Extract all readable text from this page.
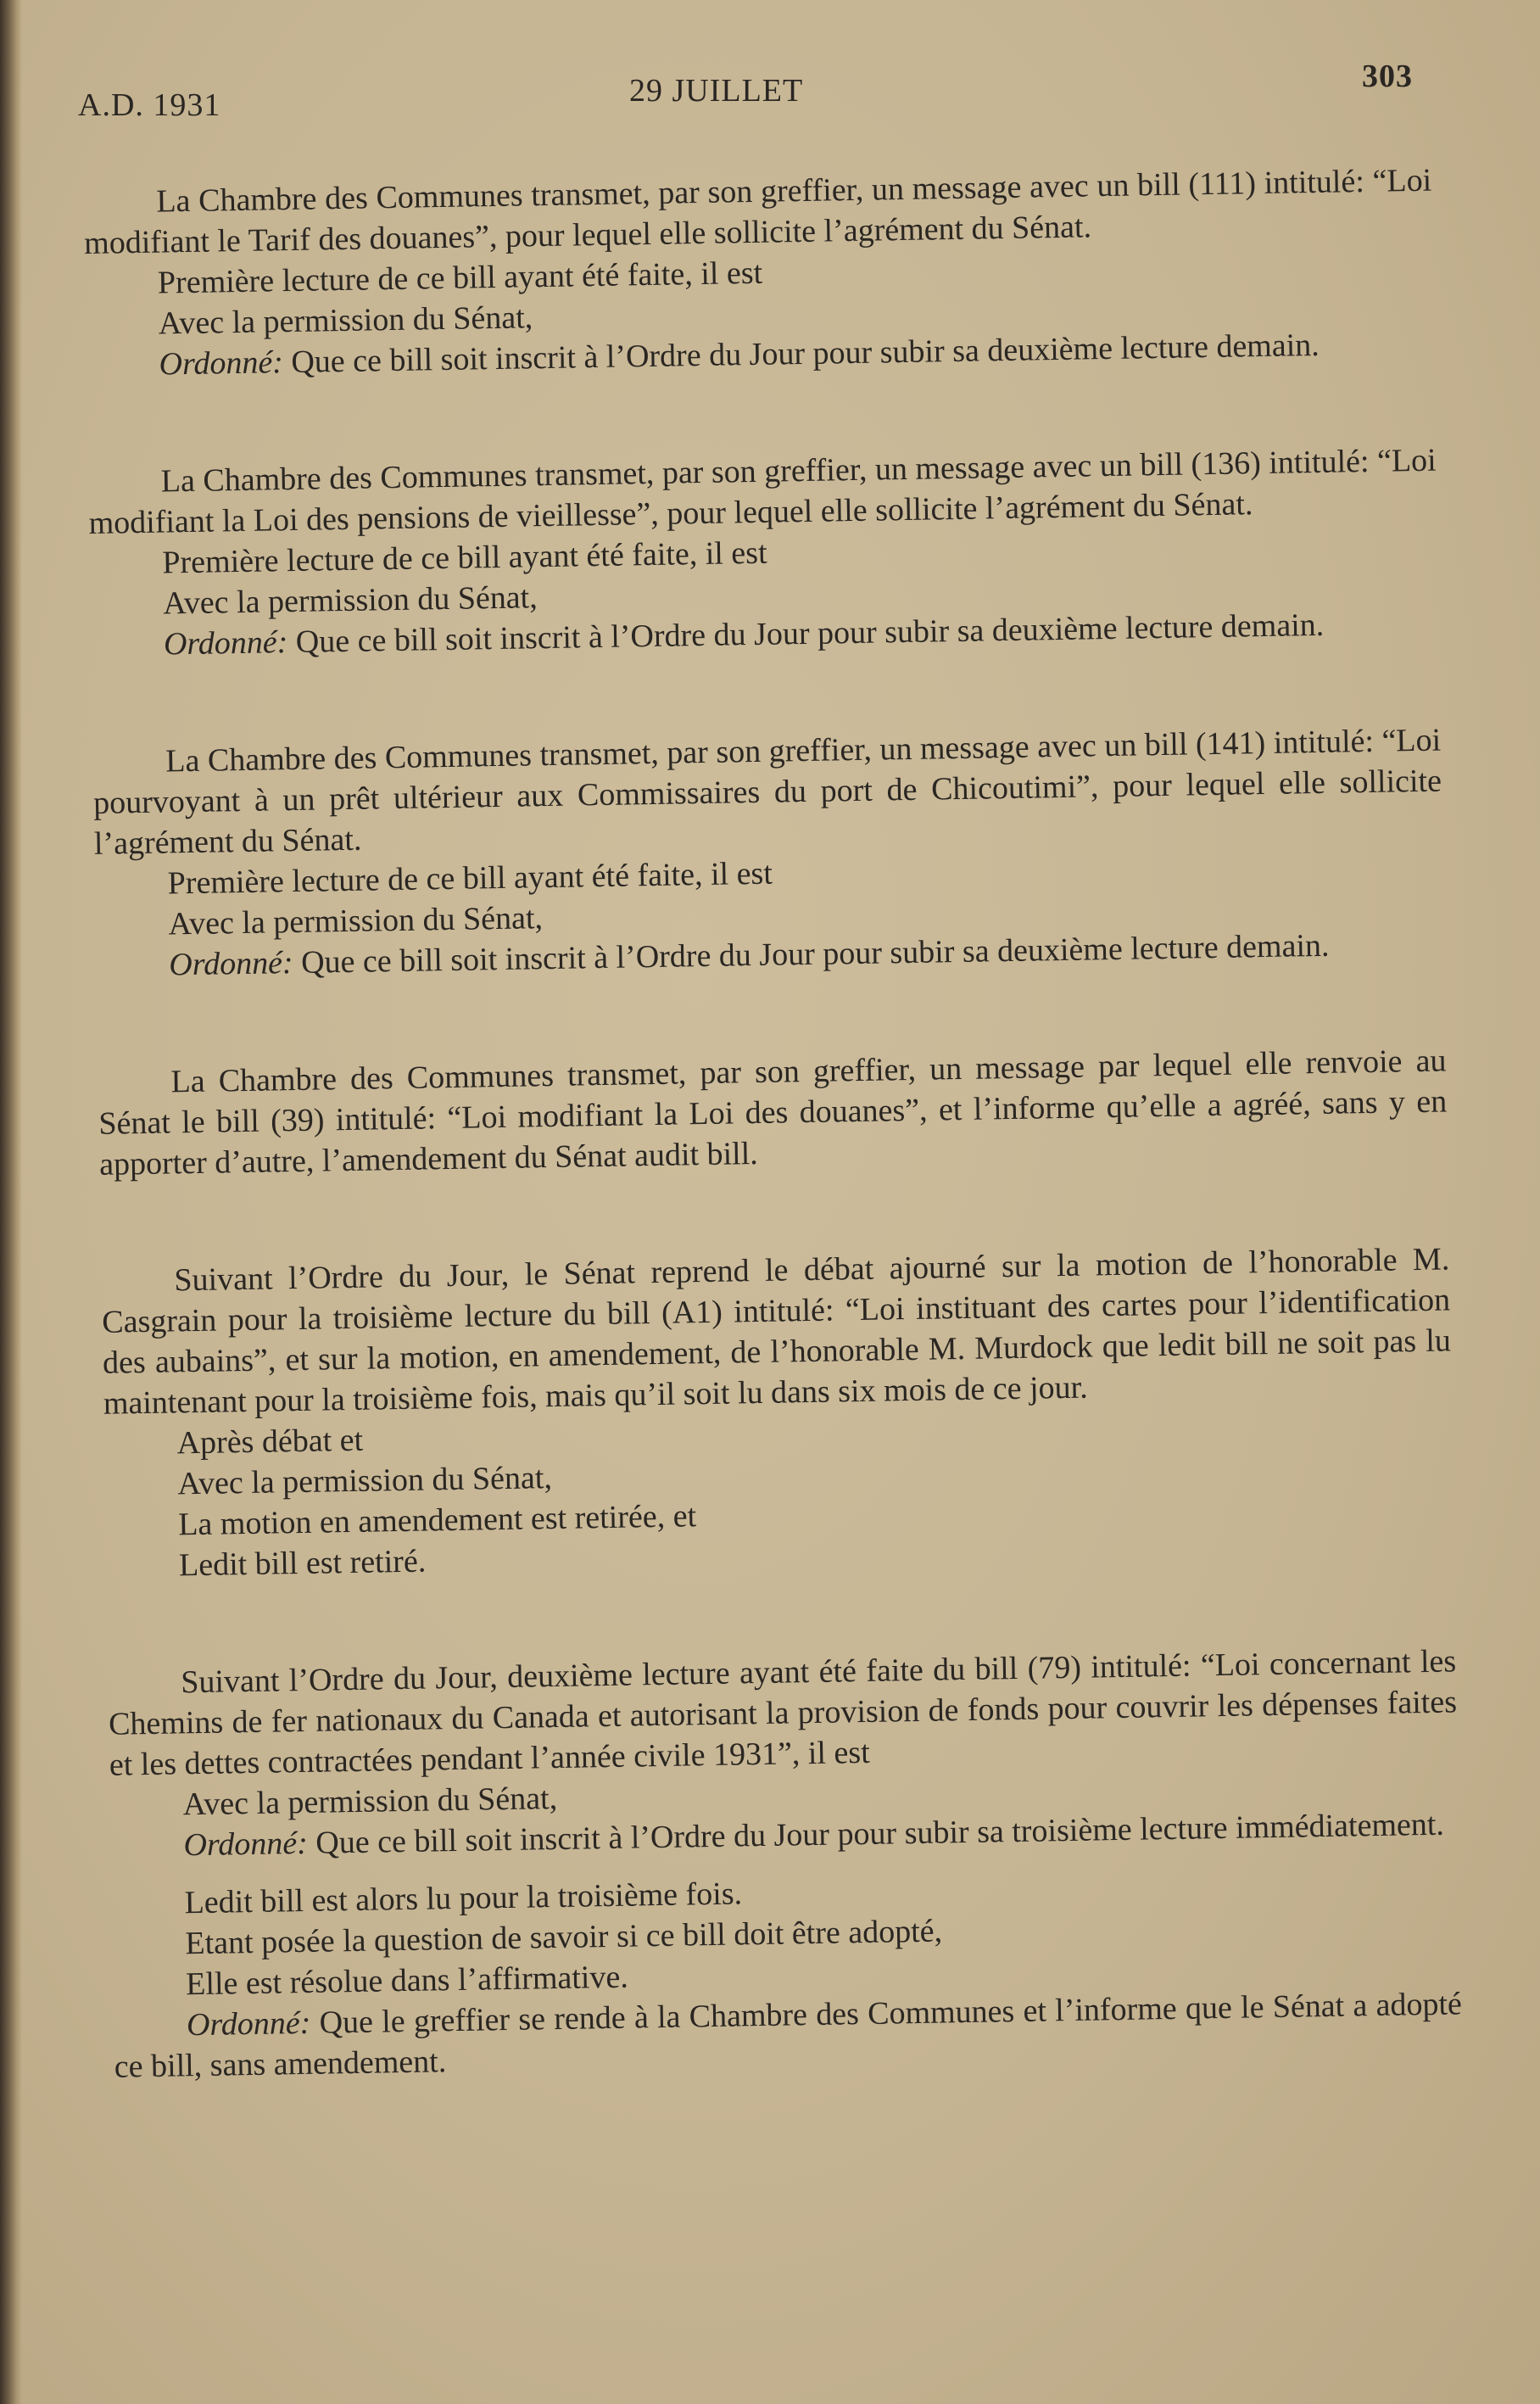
A.D. 1931	29 JUILLET	303

La Chambre des Communes transmet, par son greffier, un message avec un bill (111) intitulé: “Loi modifiant le Tarif des douanes”, pour lequel elle sollicite l’agrément du Sénat.

Première lecture de ce bill ayant été faite, il est

Avec la permission du Sénat,

Ordonné: Que ce bill soit inscrit à l’Ordre du Jour pour subir sa deuxième lecture demain.

La Chambre des Communes transmet, par son greffier, un message avec un bill (136) intitulé: “Loi modifiant la Loi des pensions de vieillesse”, pour lequel elle sollicite l’agrément du Sénat.

Première lecture de ce bill ayant été faite, il est

Avec la permission du Sénat,

Ordonné: Que ce bill soit inscrit à l’Ordre du Jour pour subir sa deuxième lecture demain.

La Chambre des Communes transmet, par son greffier, un message avec un bill (141) intitulé: “Loi pourvoyant à un prêt ultérieur aux Commissaires du port de Chicoutimi”, pour lequel elle sollicite l’agrément du Sénat.

Première lecture de ce bill ayant été faite, il est

Avec la permission du Sénat,

Ordonné: Que ce bill soit inscrit à l’Ordre du Jour pour subir sa deuxième lecture demain.

La Chambre des Communes transmet, par son greffier, un message par lequel elle renvoie au Sénat le bill (39) intitulé: “Loi modifiant la Loi des douanes”, et l’informe qu’elle a agréé, sans y en apporter d’autre, l’amendement du Sénat audit bill.

Suivant l’Ordre du Jour, le Sénat reprend le débat ajourné sur la motion de l’honorable M. Casgrain pour la troisième lecture du bill (A1) intitulé: “Loi instituant des cartes pour l’identification des aubains”, et sur la motion, en amendement, de l’honorable M. Murdock que ledit bill ne soit pas lu maintenant pour la troisième fois, mais qu’il soit lu dans six mois de ce jour.

Après débat et

Avec la permission du Sénat,

La motion en amendement est retirée, et

Ledit bill est retiré.

Suivant l’Ordre du Jour, deuxième lecture ayant été faite du bill (79) intitulé: “Loi concernant les Chemins de fer nationaux du Canada et autorisant la provision de fonds pour couvrir les dépenses faites et les dettes contractées pendant l’année civile 1931”, il est

Avec la permission du Sénat,

Ordonné: Que ce bill soit inscrit à l’Ordre du Jour pour subir sa troisième lecture immédiatement.

Ledit bill est alors lu pour la troisième fois.

Etant posée la question de savoir si ce bill doit être adopté,

Elle est résolue dans l’affirmative.

Ordonné: Que le greffier se rende à la Chambre des Communes et l’informe que le Sénat a adopté ce bill, sans amendement.
